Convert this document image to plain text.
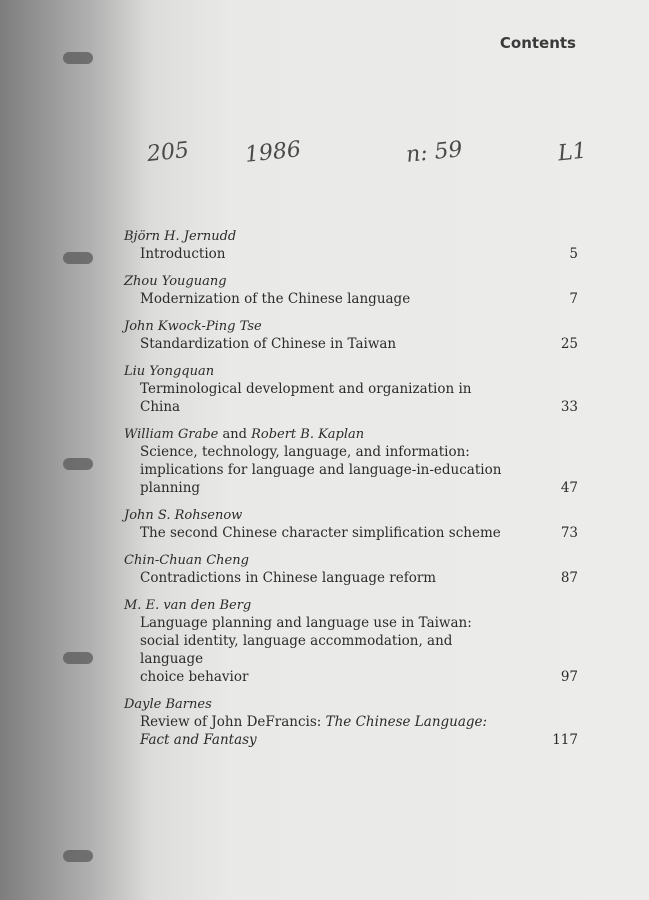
Contents
205 1986	n: 59	L1
Björn H. Jernudd
Introduction	5
Zhou Youguang
Modernization of the Chinese language	7
John Kwock-Ping Tse
Standardization of Chinese in Taiwan	25
Liu Yongquan
Terminological development and organization in China	33
William Grabe and Robert B. Kaplan
Science, technology, language, and information:
implications for language and language-in-education
planning	47
John S. Rohsenow
The second Chinese character simplification scheme	73
Chin-Chuan Cheng
Contradictions in Chinese language reform	87
M. E. van den Berg
Language planning and language use in Taiwan:
social identity, language accommodation, and language
choice behavior	97
Dayle Barnes
Review of John DeFrancis: The Chinese Language:
Fact and Fantasy	117
